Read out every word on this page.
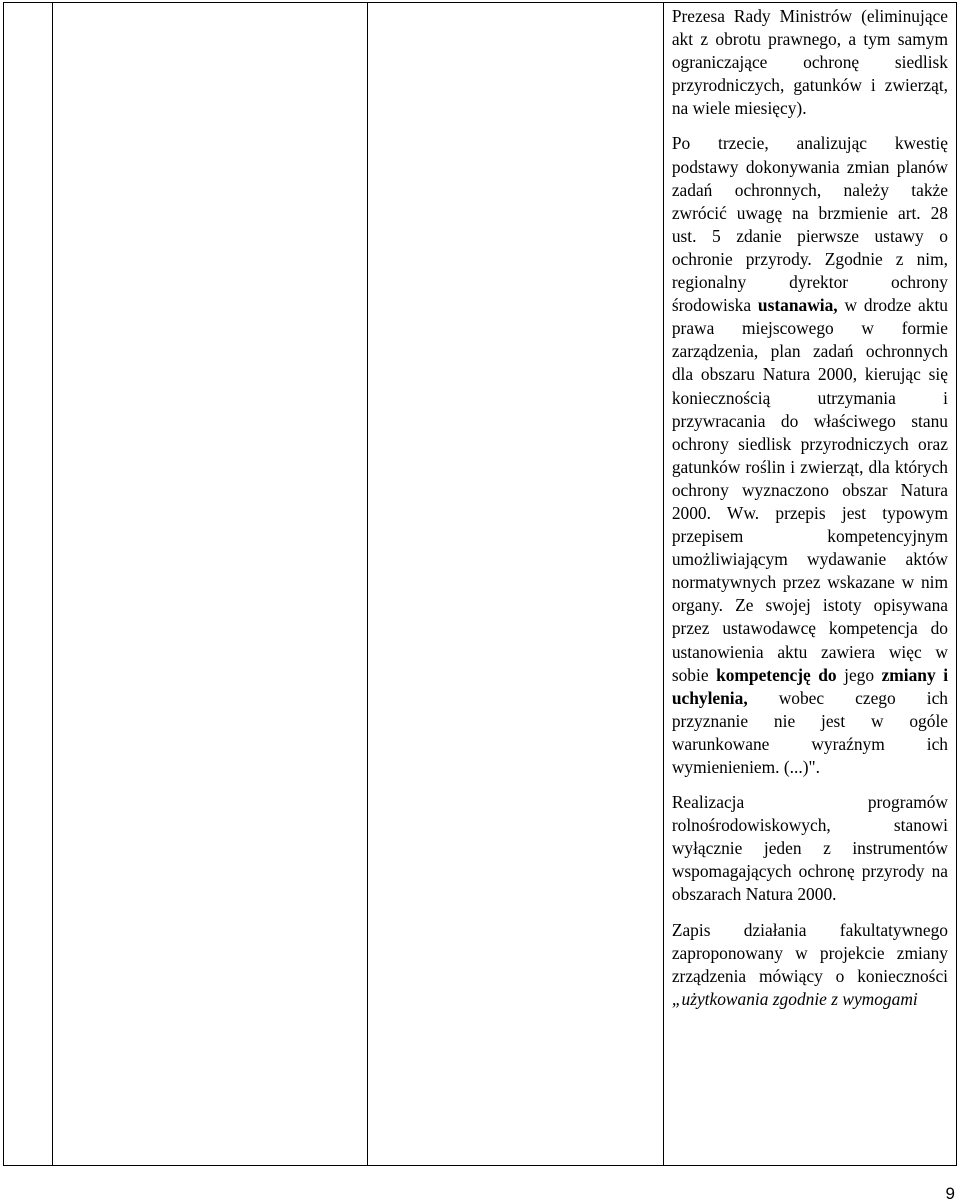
Prezesa Rady Ministrów (eliminujące akt z obrotu prawnego, a tym samym ograniczające ochronę siedlisk przyrodniczych, gatunków i zwierząt, na wiele miesięcy).

Po trzecie, analizując kwestię podstawy dokonywania zmian planów zadań ochronnych, należy także zwrócić uwagę na brzmienie art. 28 ust. 5 zdanie pierwsze ustawy o ochronie przyrody. Zgodnie z nim, regionalny dyrektor ochrony środowiska ustanawia, w drodze aktu prawa miejscowego w formie zarządzenia, plan zadań ochronnych dla obszaru Natura 2000, kierując się koniecznością utrzymania i przywracania do właściwego stanu ochrony siedlisk przyrodniczych oraz gatunków roślin i zwierząt, dla których ochrony wyznaczono obszar Natura 2000. Ww. przepis jest typowym przepisem kompetencyjnym umożliwiającym wydawanie aktów normatywnych przez wskazane w nim organy. Ze swojej istoty opisywana przez ustawodawcę kompetencja do ustanowienia aktu zawiera więc w sobie kompetencję do jego zmiany i uchylenia, wobec czego ich przyznanie nie jest w ogóle warunkowane wyraźnym ich wymienieniem. (...)".

Realizacja programów rolnośrodowiskowych, stanowi wyłącznie jeden z instrumentów wspomagających ochronę przyrody na obszarach Natura 2000.

Zapis działania fakultatywnego zaproponowany w projekcie zmiany zrządzenia mówiący o konieczności „użytkowania zgodnie z wymogami

9
